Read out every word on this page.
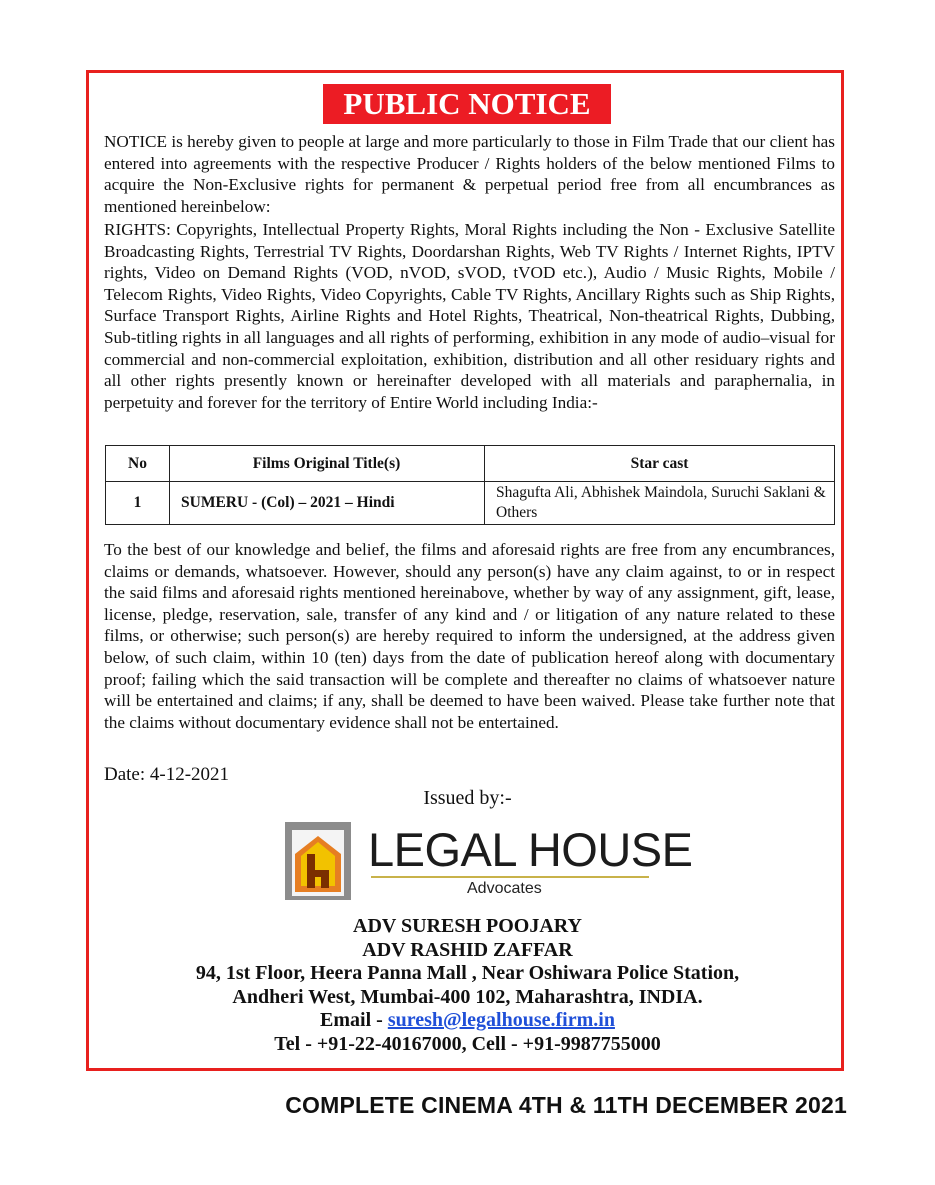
PUBLIC NOTICE

NOTICE is hereby given to people at large and more particularly to those in Film Trade that our client has entered into agreements with the respective Producer / Rights holders of the below mentioned Films to acquire the Non-Exclusive rights for permanent & perpetual period free from all encumbrances as mentioned hereinbelow:

RIGHTS: Copyrights, Intellectual Property Rights, Moral Rights including the Non - Exclusive Satellite Broadcasting Rights, Terrestrial TV Rights, Doordarshan Rights, Web TV Rights / Internet Rights, IPTV rights, Video on Demand Rights (VOD, nVOD, sVOD, tVOD etc.), Audio / Music Rights, Mobile / Telecom Rights, Video Rights, Video Copyrights, Cable TV Rights, Ancillary Rights such as Ship Rights, Surface Transport Rights, Airline Rights and Hotel Rights, Theatrical, Non-theatrical Rights, Dubbing, Sub-titling rights in all languages and all rights of performing, exhibition in any mode of audio–visual for commercial and non-commercial exploitation, exhibition, distribution and all other residuary rights and all other rights presently known or hereinafter developed with all materials and paraphernalia, in perpetuity and forever for the territory of Entire World including India:-

No	Films Original Title(s)	Star cast
1	SUMERU - (Col) – 2021 – Hindi	Shagufta Ali, Abhishek Maindola, Suruchi Saklani & Others

To the best of our knowledge and belief, the films and aforesaid rights are free from any encumbrances, claims or demands, whatsoever. However, should any person(s) have any claim against, to or in respect the said films and aforesaid rights mentioned hereinabove, whether by way of any assignment, gift, lease, license, pledge, reservation, sale, transfer of any kind and / or litigation of any nature related to these films, or otherwise; such person(s) are hereby required to inform the undersigned, at the address given below, of such claim, within 10 (ten) days from the date of publication hereof along with documentary proof; failing which the said transaction will be complete and thereafter no claims of whatsoever nature will be entertained and claims; if any, shall be deemed to have been waived. Please take further note that the claims without documentary evidence shall not be entertained.

Date: 4-12-2021
Issued by:-
LEGAL HOUSE
Advocates
ADV SURESH POOJARY
ADV RASHID ZAFFAR
94, 1st Floor, Heera Panna Mall , Near Oshiwara Police Station,
Andheri West, Mumbai-400 102, Maharashtra, INDIA.
Email - suresh@legalhouse.firm.in
Tel - +91-22-40167000, Cell - +91-9987755000
COMPLETE CINEMA 4TH & 11TH DECEMBER 2021
